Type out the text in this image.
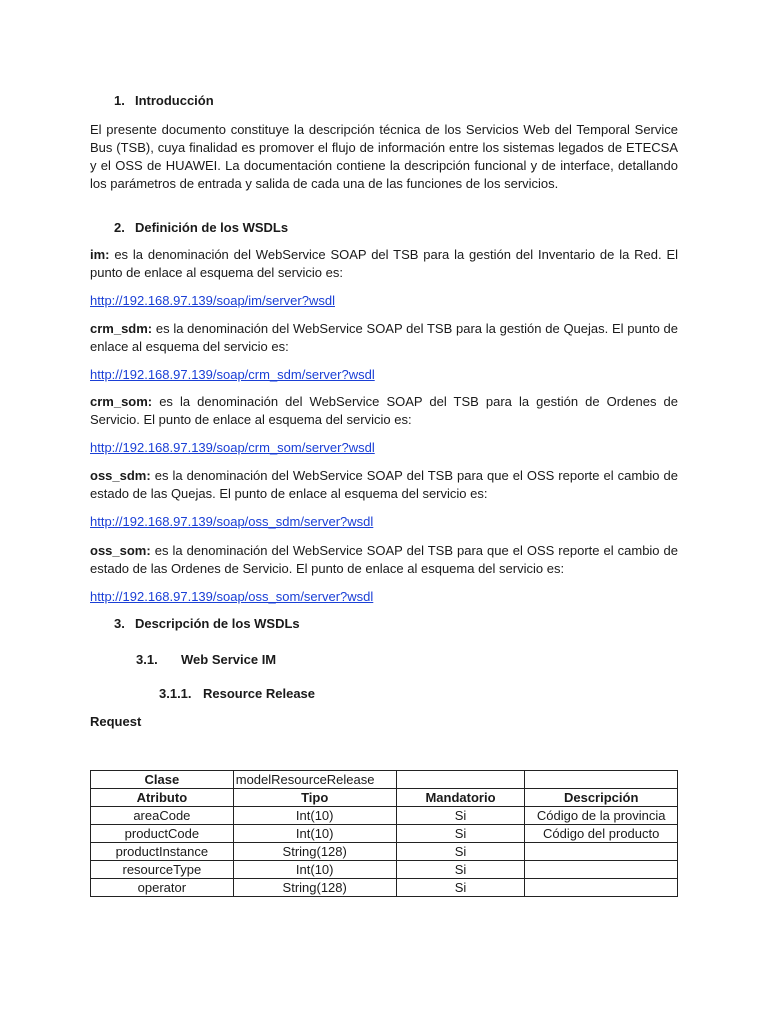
1.  Introducción
El presente documento constituye la descripción técnica de los Servicios Web del Temporal Service Bus (TSB), cuya finalidad es promover el flujo de información entre los sistemas legados de ETECSA y el OSS de HUAWEI. La documentación contiene la descripción funcional y de interface, detallando los parámetros de entrada y salida de cada una de las funciones de los servicios.
2.  Definición de los WSDLs
im: es la denominación del WebService SOAP del TSB para la gestión del Inventario de la Red. El punto de enlace al esquema del servicio es:
http://192.168.97.139/soap/im/server?wsdl
crm_sdm: es la denominación del WebService SOAP del TSB para la gestión de Quejas. El punto de enlace al esquema del servicio es:
http://192.168.97.139/soap/crm_sdm/server?wsdl
crm_som: es la denominación del WebService SOAP del TSB para la gestión de Ordenes de Servicio. El punto de enlace al esquema del servicio es:
http://192.168.97.139/soap/crm_som/server?wsdl
oss_sdm: es la denominación del WebService SOAP del TSB para que el OSS reporte el cambio de estado de las Quejas. El punto de enlace al esquema del servicio es:
http://192.168.97.139/soap/oss_sdm/server?wsdl
oss_som: es la denominación del WebService SOAP del TSB para que el OSS reporte el cambio de estado de las Ordenes de Servicio. El punto de enlace al esquema del servicio es:
http://192.168.97.139/soap/oss_som/server?wsdl
3.  Descripción de los WSDLs
3.1. Web Service IM
3.1.1. Resource Release
Request
Clase	modelResourceRelease		
Atributo	Tipo	Mandatorio	Descripción
areaCode	Int(10)	Si	Código de la provincia
productCode	Int(10)	Si	Código del producto
productInstance	String(128)	Si	
resourceType	Int(10)	Si	
operator	String(128)	Si	
